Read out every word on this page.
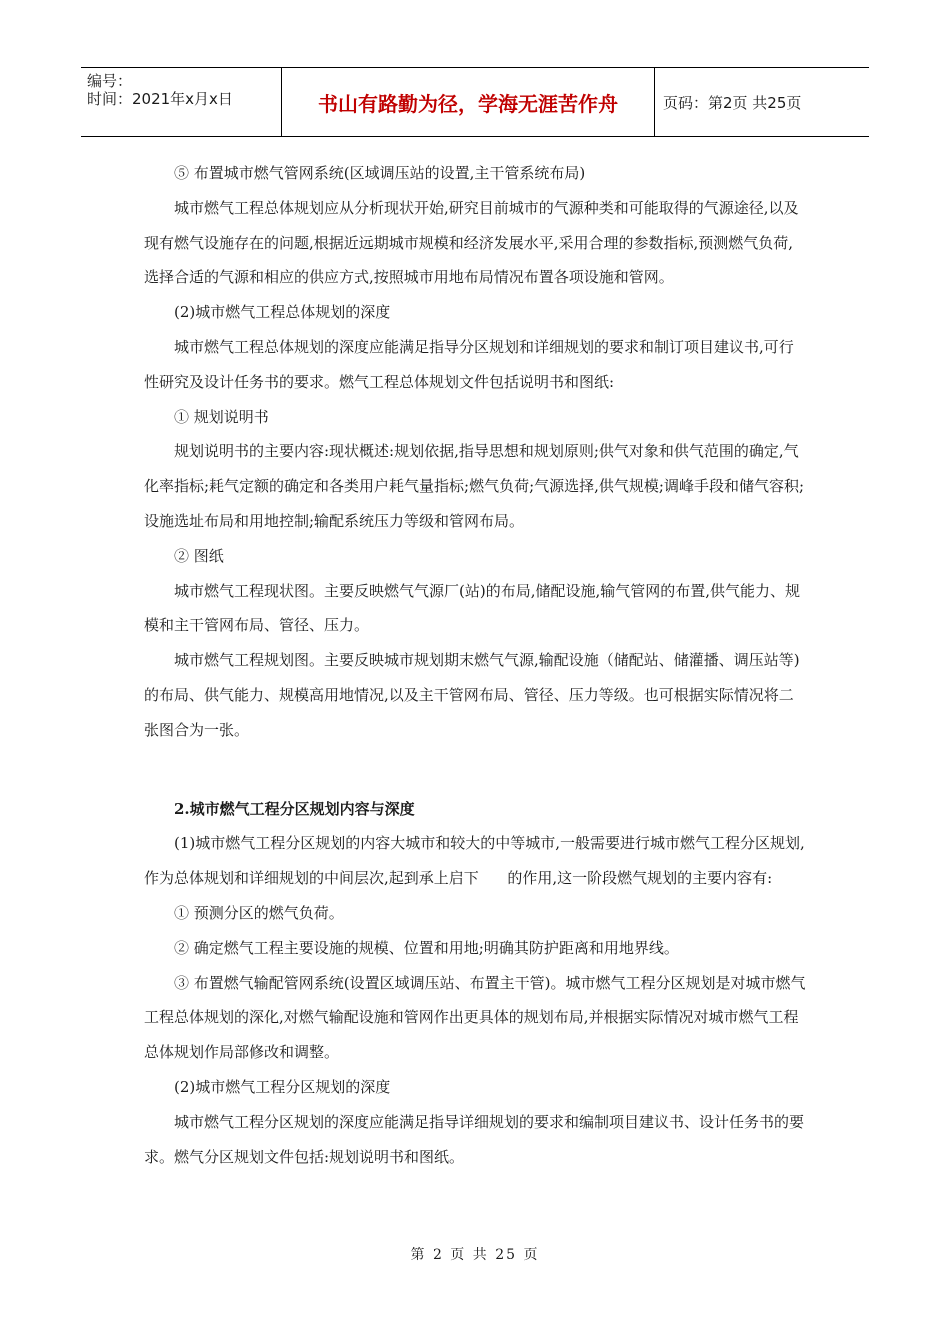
编号：
时间：2021年x月x日	书山有路勤为径，学海无涯苦作舟	页码：第2页 共25页

⑤ 布置城市燃气管网系统(区域调压站的设置,主干管系统布局)

城市燃气工程总体规划应从分析现状开始,研究目前城市的气源种类和可能取得的气源途径,以及现有燃气设施存在的问题,根据近远期城市规模和经济发展水平,采用合理的参数指标,预测燃气负荷,选择合适的气源和相应的供应方式,按照城市用地布局情况布置各项设施和管网。

(2)城市燃气工程总体规划的深度

城市燃气工程总体规划的深度应能满足指导分区规划和详细规划的要求和制订项目建议书,可行性研究及设计任务书的要求。燃气工程总体规划文件包括说明书和图纸:

① 规划说明书

规划说明书的主要内容:现状概述:规划依据,指导思想和规划原则;供气对象和供气范围的确定,气化率指标;耗气定额的确定和各类用户耗气量指标;燃气负荷;气源选择,供气规模;调峰手段和储气容积;设施选址布局和用地控制;输配系统压力等级和管网布局。

② 图纸

城市燃气工程现状图。主要反映燃气气源厂(站)的布局,储配设施,输气管网的布置,供气能力、规模和主干管网布局、管径、压力。

城市燃气工程规划图。主要反映城市规划期末燃气气源,输配设施（储配站、储灌播、调压站等)的布局、供气能力、规模高用地情况,以及主干管网布局、管径、压力等级。也可根据实际情况将二张图合为一张。

2.城市燃气工程分区规划内容与深度

(1)城市燃气工程分区规划的内容大城市和较大的中等城市,一般需要进行城市燃气工程分区规划,作为总体规划和详细规划的中间层次,起到承上启下      的作用,这一阶段燃气规划的主要内容有:

① 预测分区的燃气负荷。

② 确定燃气工程主要设施的规模、位置和用地;明确其防护距离和用地界线。

③ 布置燃气输配管网系统(设置区域调压站、布置主干管)。城市燃气工程分区规划是对城市燃气工程总体规划的深化,对燃气输配设施和管网作出更具体的规划布局,并根据实际情况对城市燃气工程总体规划作局部修改和调整。

(2)城市燃气工程分区规划的深度

城市燃气工程分区规划的深度应能满足指导详细规划的要求和编制项目建议书、设计任务书的要求。燃气分区规划文件包括:规划说明书和图纸。

第 2 页 共 25 页
